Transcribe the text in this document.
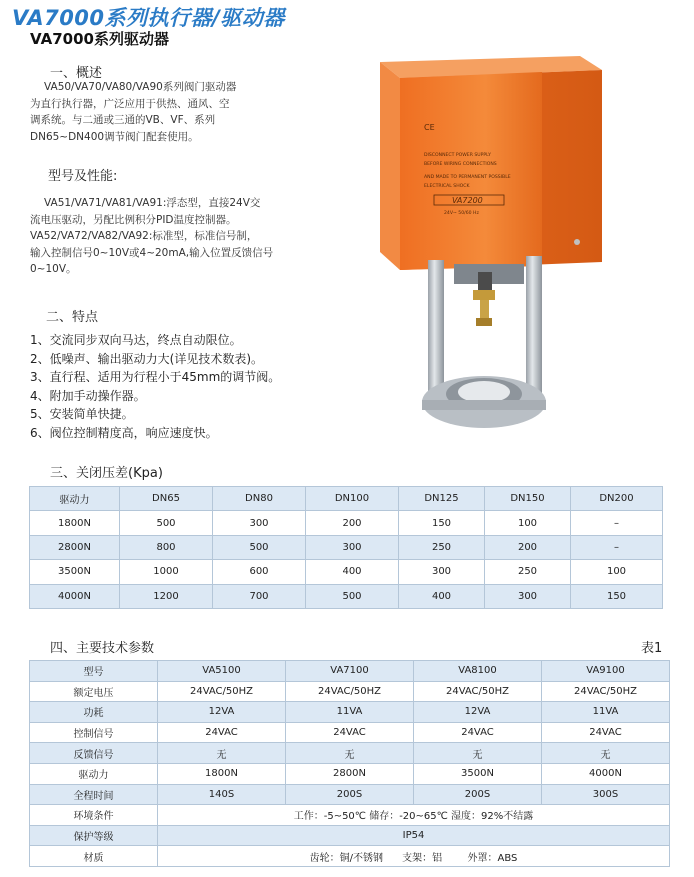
VA7000系列执行器/驱动器
VA7000系列驱动器
一、概述
VA50/VA70/VA80/VA90系列阀门驱动器
为直行执行器，广泛应用于供热、通风、空
调系统。与二通或三通的VB、VF、系列
DN65~DN400调节阀门配套使用。
型号及性能:
VA51/VA71/VA81/VA91:浮态型，直接24V交
流电压驱动，另配比例积分PID温度控制器。
VA52/VA72/VA82/VA92:标准型，标准信号制，
输入控制信号0~10V或4~20mA,输入位置反馈信号
0~10V。
二、特点
1、交流同步双向马达，终点自动限位。
2、低噪声、输出驱动力大(详见技术数表)。
3、直行程、适用为行程小于45mm的调节阀。
4、附加手动操作器。
5、安装简单快捷。
6、阀位控制精度高，响应速度快。
CE
DISCONNECT POWER SUPPLY
BEFORE WIRING CONNECTIONS
AND MADE TO PERMANENT POSSIBLE
ELECTRICAL SHOCK
VA7200
24V~ 50/60 Hz
三、关闭压差(Kpa)
驱动力	DN65	DN80	DN100	DN125	DN150	DN200
1800N	500	300	200	150	100	–
2800N	800	500	300	250	200	–
3500N	1000	600	400	300	250	100
4000N	1200	700	500	400	300	150
四、主要技术参数	表1
型号	VA5100	VA7100	VA8100	VA9100
额定电压	24VAC/50HZ	24VAC/50HZ	24VAC/50HZ	24VAC/50HZ
功耗	12VA	11VA	12VA	11VA
控制信号	24VAC	24VAC	24VAC	24VAC
反馈信号	无	无	无	无
驱动力	1800N	2800N	3500N	4000N
全程时间	140S	200S	200S	300S
环境条件	工作：-5~50℃ 储存：-20~65℃ 湿度：92%不结露			
保护等级	IP54			
材质	齿轮：铜/不锈钢      支架：铝        外罩：ABS			
